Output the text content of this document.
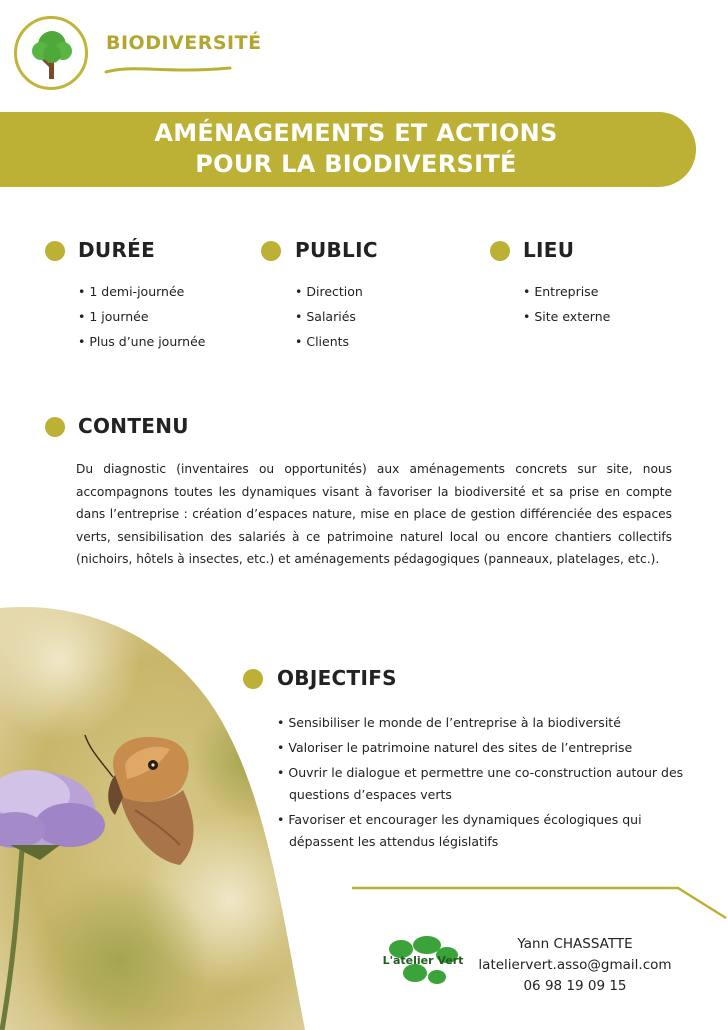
BIODIVERSITÉ
AMÉNAGEMENTS ET ACTIONS
POUR LA BIODIVERSITÉ
DURÉE
• 1 demi-journée
• 1 journée
• Plus d’une journée
PUBLIC
• Direction
• Salariés
• Clients
LIEU
• Entreprise
• Site externe
CONTENU
Du diagnostic (inventaires ou opportunités) aux aménagements concrets sur site, nous accompagnons toutes les dynamiques visant à favoriser la biodiversité et sa prise en compte dans l’entreprise : création d’espaces nature, mise en place de gestion différenciée des espaces verts, sensibilisation des salariés à ce patrimoine naturel local ou encore chantiers collectifs (nichoirs, hôtels à insectes, etc.) et aménagements pédagogiques (panneaux, platelages, etc.).
OBJECTIFS
• Sensibiliser le monde de l’entreprise à la biodiversité
• Valoriser le patrimoine naturel des sites de l’entreprise
• Ouvrir le dialogue et permettre une co-construction autour des questions d’espaces verts
• Favoriser et encourager les dynamiques écologiques qui dépassent les attendus législatifs
L'atelier Vert
Yann CHASSATTE
latelier​vert.asso@gmail.com
06 98 19 09 15
